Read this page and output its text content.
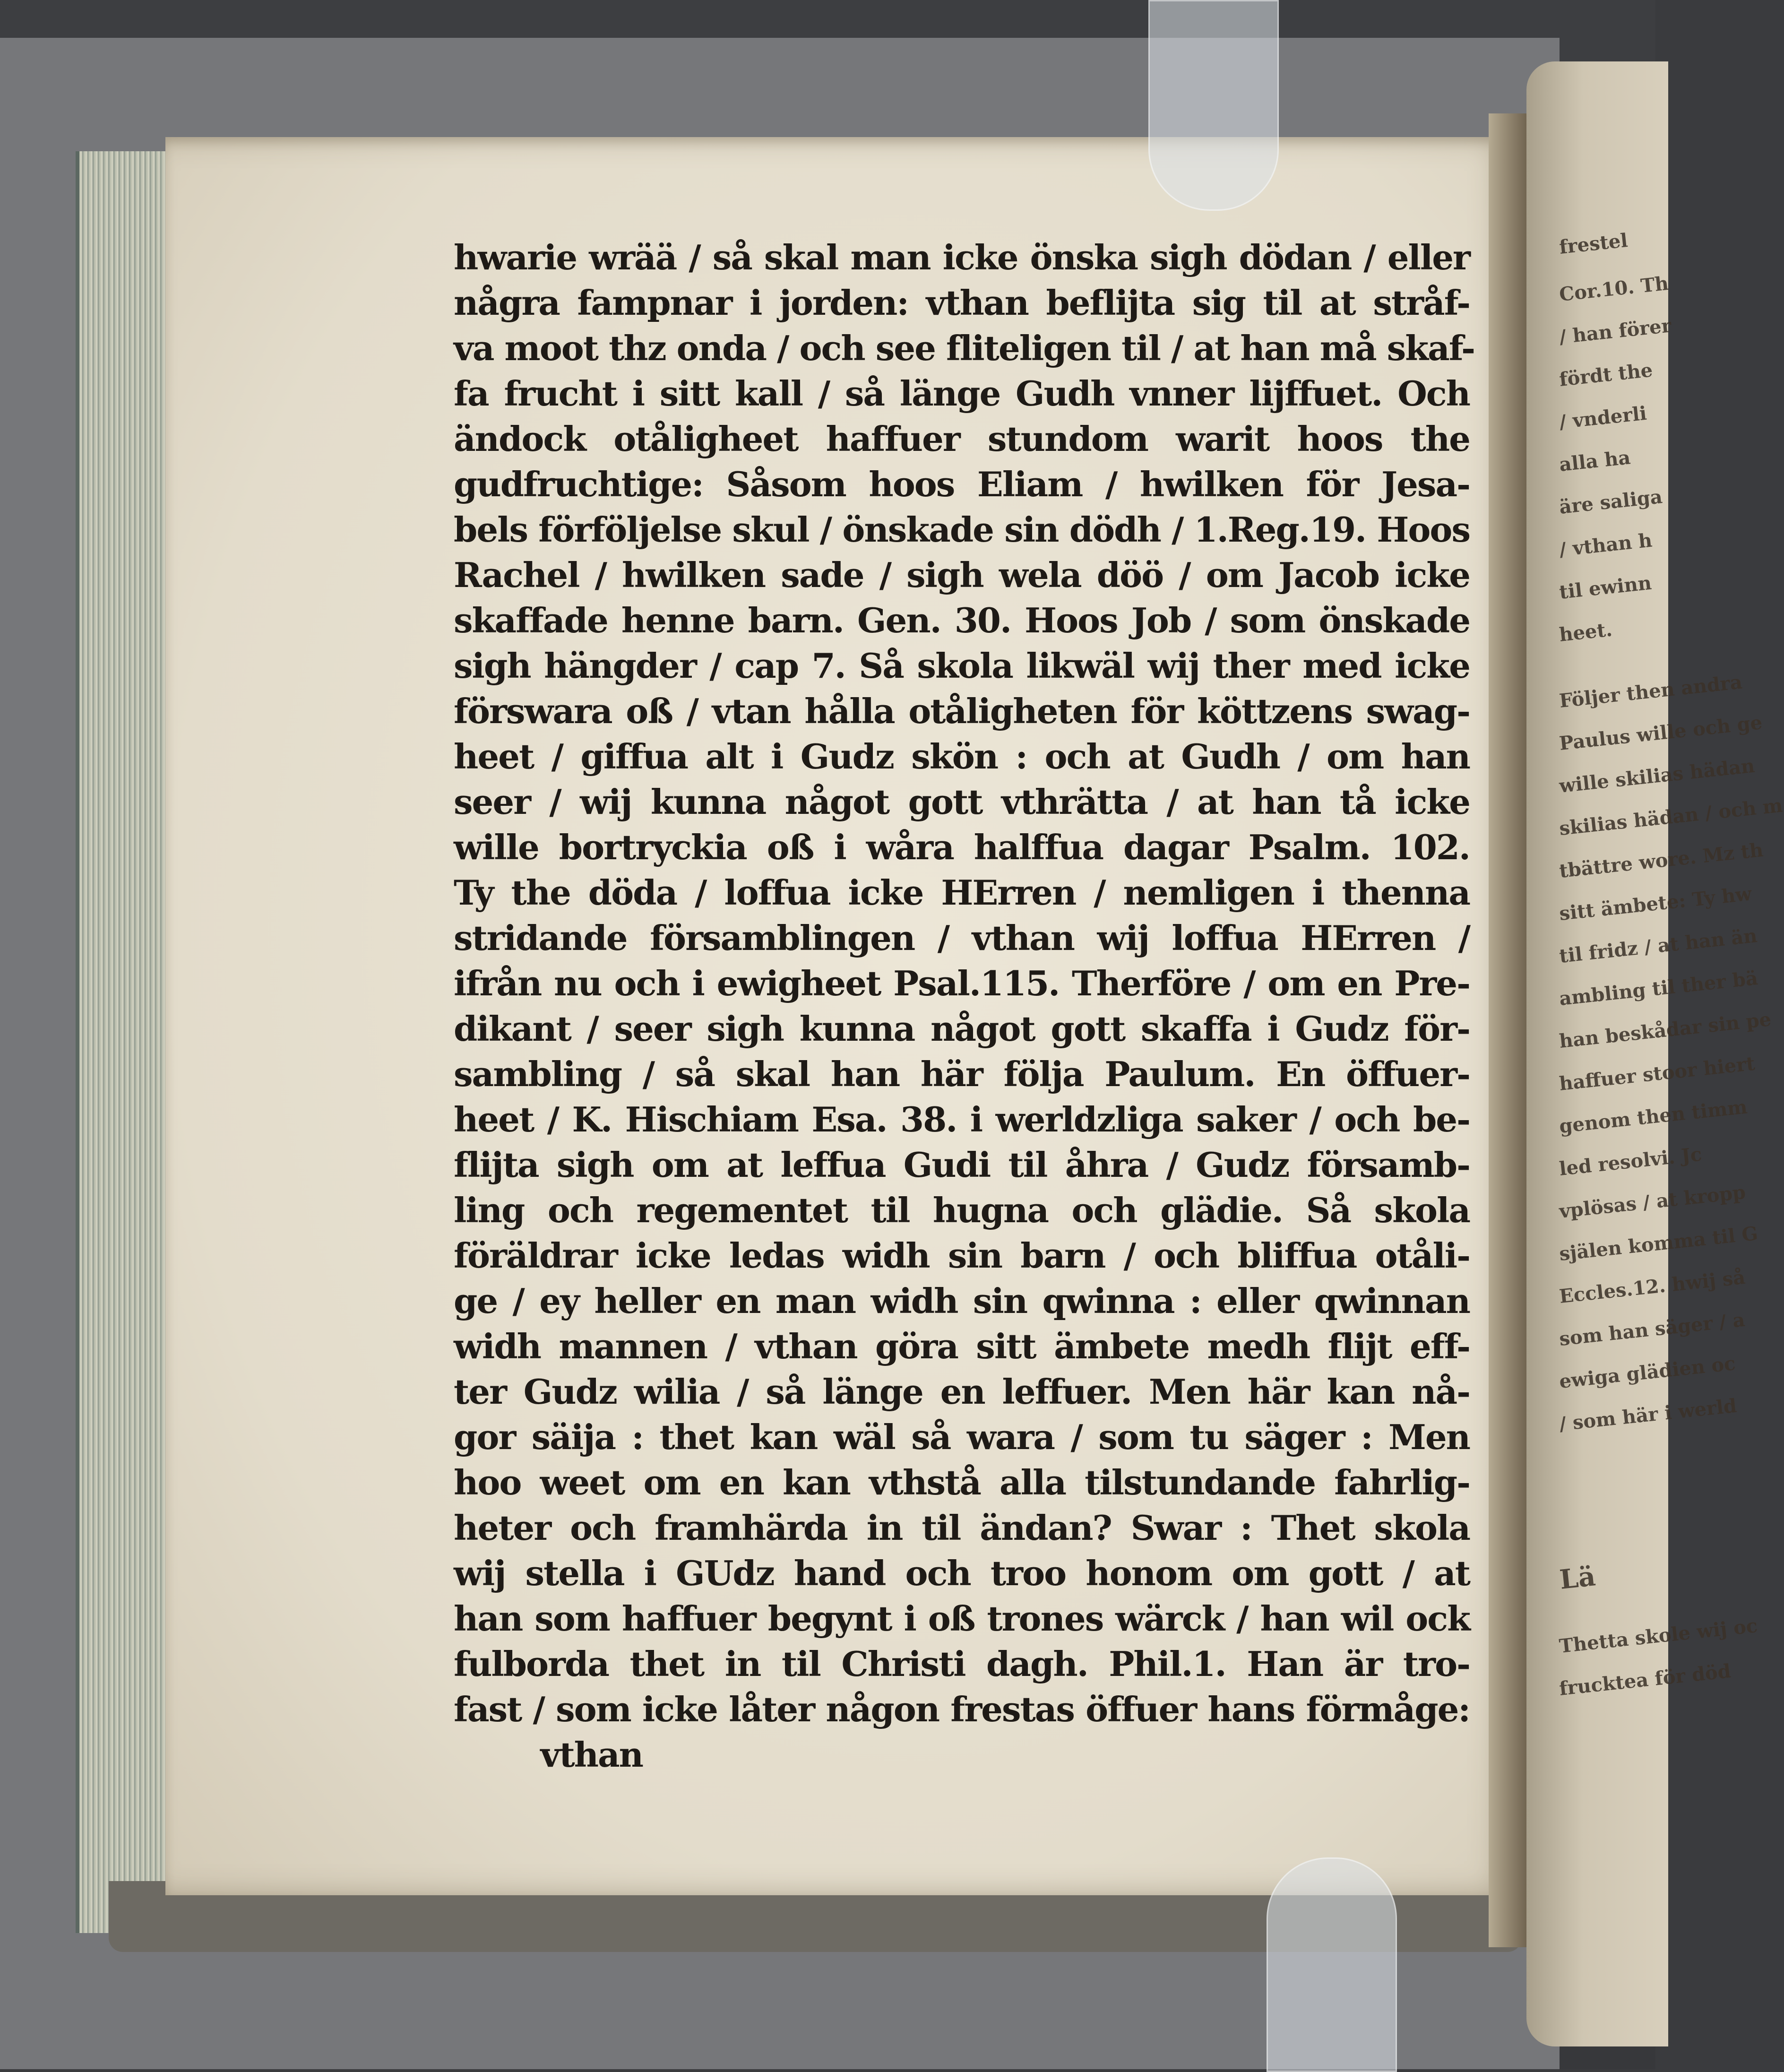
hwarie wrää / så skal man icke önska sigh dödan / eller
några fampnar i jorden: vthan beflijta sig til at stråf-
va moot thz onda / och see fliteligen til / at han må skaf-
fa frucht i sitt kall / så länge Gudh vnner lijffuet. Och
ändock otåligheet haffuer stundom warit hoos the
gudfruchtige: Såsom hoos Eliam / hwilken för Jesa-
bels förföljelse skul / önskade sin dödh / 1.Reg.19. Hoos
Rachel / hwilken sade / sigh wela döö / om Jacob icke
skaffade henne barn. Gen. 30. Hoos Job / som önskade
sigh hängder / cap 7. Så skola likwäl wij ther med icke
förswara oß / vtan hålla otåligheten för köttzens swag-
heet / giffua alt i Gudz skön : och at Gudh / om han
seer / wij kunna något gott vthrätta / at han tå icke
wille bortryckia oß i wåra halffua dagar Psalm. 102.
Ty the döda / loffua icke HErren / nemligen i thenna
stridande församblingen / vthan wij loffua HErren /
ifrån nu och i ewigheet Psal.115. Therföre / om en Pre-
dikant / seer sigh kunna något gott skaffa i Gudz för-
sambling / så skal han här följa Paulum. En öffuer-
heet / K. Hischiam Esa. 38. i werldzliga saker / och be-
flijta sigh om at leffua Gudi til åhra / Gudz församb-
ling och regementet til hugna och glädie. Så skola
föräldrar icke ledas widh sin barn / och bliffua otåli-
ge / ey heller en man widh sin qwinna : eller qwinnan
widh mannen / vthan göra sitt ämbete medh flijt eff-
ter Gudz wilia / så länge en leffuer. Men här kan nå-
gor säija : thet kan wäl så wara / som tu säger : Men
hoo weet om en kan vthstå alla tilstundande fahrlig-
heter och framhärda in til ändan? Swar : Thet skola
wij stella i GUdz hand och troo honom om gott / at
han som haffuer begynt i oß trones wärck / han wil ock
fulborda thet in til Christi dagh. Phil.1. Han är tro-
fast / som icke låter någon frestas öffuer hans förmåge:
vthan
frestel
Cor.10. Th
/ han förer
fördt the
/ vnderli
alla ha
äre saliga
/ vthan h
til ewinn
heet.
Följer then andra
Paulus wille och ge
wille skilias hädan
skilias hädan / och m
tbättre wore. Mz th
sitt ämbete: Ty hw
til fridz / at han än
ambling til ther bä
han beskådar sin pe
haffuer stoor hiert
genom then timm
led resolvi. Jc
vplösas / at kropp
själen komma til G
Eccles.12. hwij så
som han säger / a
ewiga glädien oc
/ som här i werld
Lä
Thetta skole wij oc
frucktea för död
